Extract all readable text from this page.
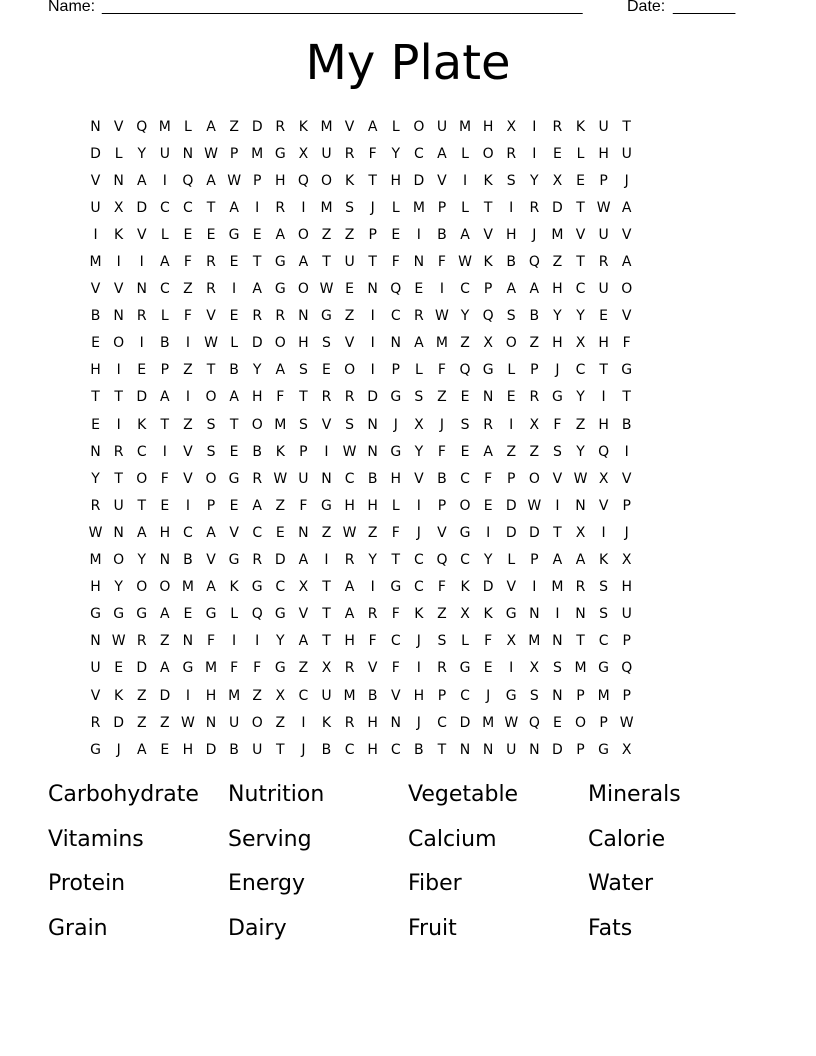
Name: ______________________________________________________	Date: _______
My Plate
N V Q M L	A Z D R K M V A	L O U M H X	I	R K U T
D L	Y U N W P M G X U R	F	Y C A	L O R	I	E	L H U
V N A	I	Q A W P H Q O K	T H D V	I	K	S	Y	X E	P	J
U X D C C T	A	I	R	I	M S	J	L M P	L	T	I	R D T W A
I	K V	L	E	E G E A O Z Z	P	E	I	B A V H	J	M V U V
M	I	I	A	F	R E	T G A	T U T	F N F W K B Q Z	T R A
V V N C Z R	I	A G O W E N Q E	I	C P	A A H C U O
B N R	L	F	V E R R N G Z	I	C R W Y Q S B	Y	Y	E V
E O	I	B	I	W L D O H S V	I	N A M Z X O Z H X H F
H	I	E	P	Z	T	B	Y	A S	E O	I	P	L	F Q G L	P	J	C T G
T	T D A	I	O A H F	T R R D G S Z E N E R G Y	I	T
E	I	K	T	Z S	T O M S V S N	J	X	J	S R	I	X	F	Z H B
N R C	I	V S	E B K	P	I	W N G Y	F	E A Z Z S	Y Q	I
Y	T O F	V O G R W U N C B H V B C	F	P O V W X V
R U T	E	I	P	E A Z	F G H H L	I	P O E D W	I	N V	P
W N A H C A V C E N Z W Z	F	J	V G	I	D D T	X	I	J
M O Y N B V G R D A	I	R Y	T C Q C Y	L	P	A A K X
H Y O O M A K G C X	T	A	I	G C	F	K D V	I	M R S H
G G G A E G L Q G V	T	A R	F	K Z X K G N	I	N S U
N W R Z N F	I	I	Y	A	T H F	C	J	S	L	F	X M N T C P
U E D A G M F	F G Z X R V	F	I	R G E	I	X S M G Q
V K Z D	I	H M Z X C U M B V H P C	J	G S N P M P
R D Z Z W N U O Z	I	K R H N	J	C D M W Q E O P W
G	J	A E H D B U T	J	B C H C B	T N N U N D P G X
Carbohydrate	Nutrition	Vegetable	Minerals
Vitamins	Serving	Calcium	Calorie
Protein	Energy	Fiber	Water
Grain	Dairy	Fruit	Fats
